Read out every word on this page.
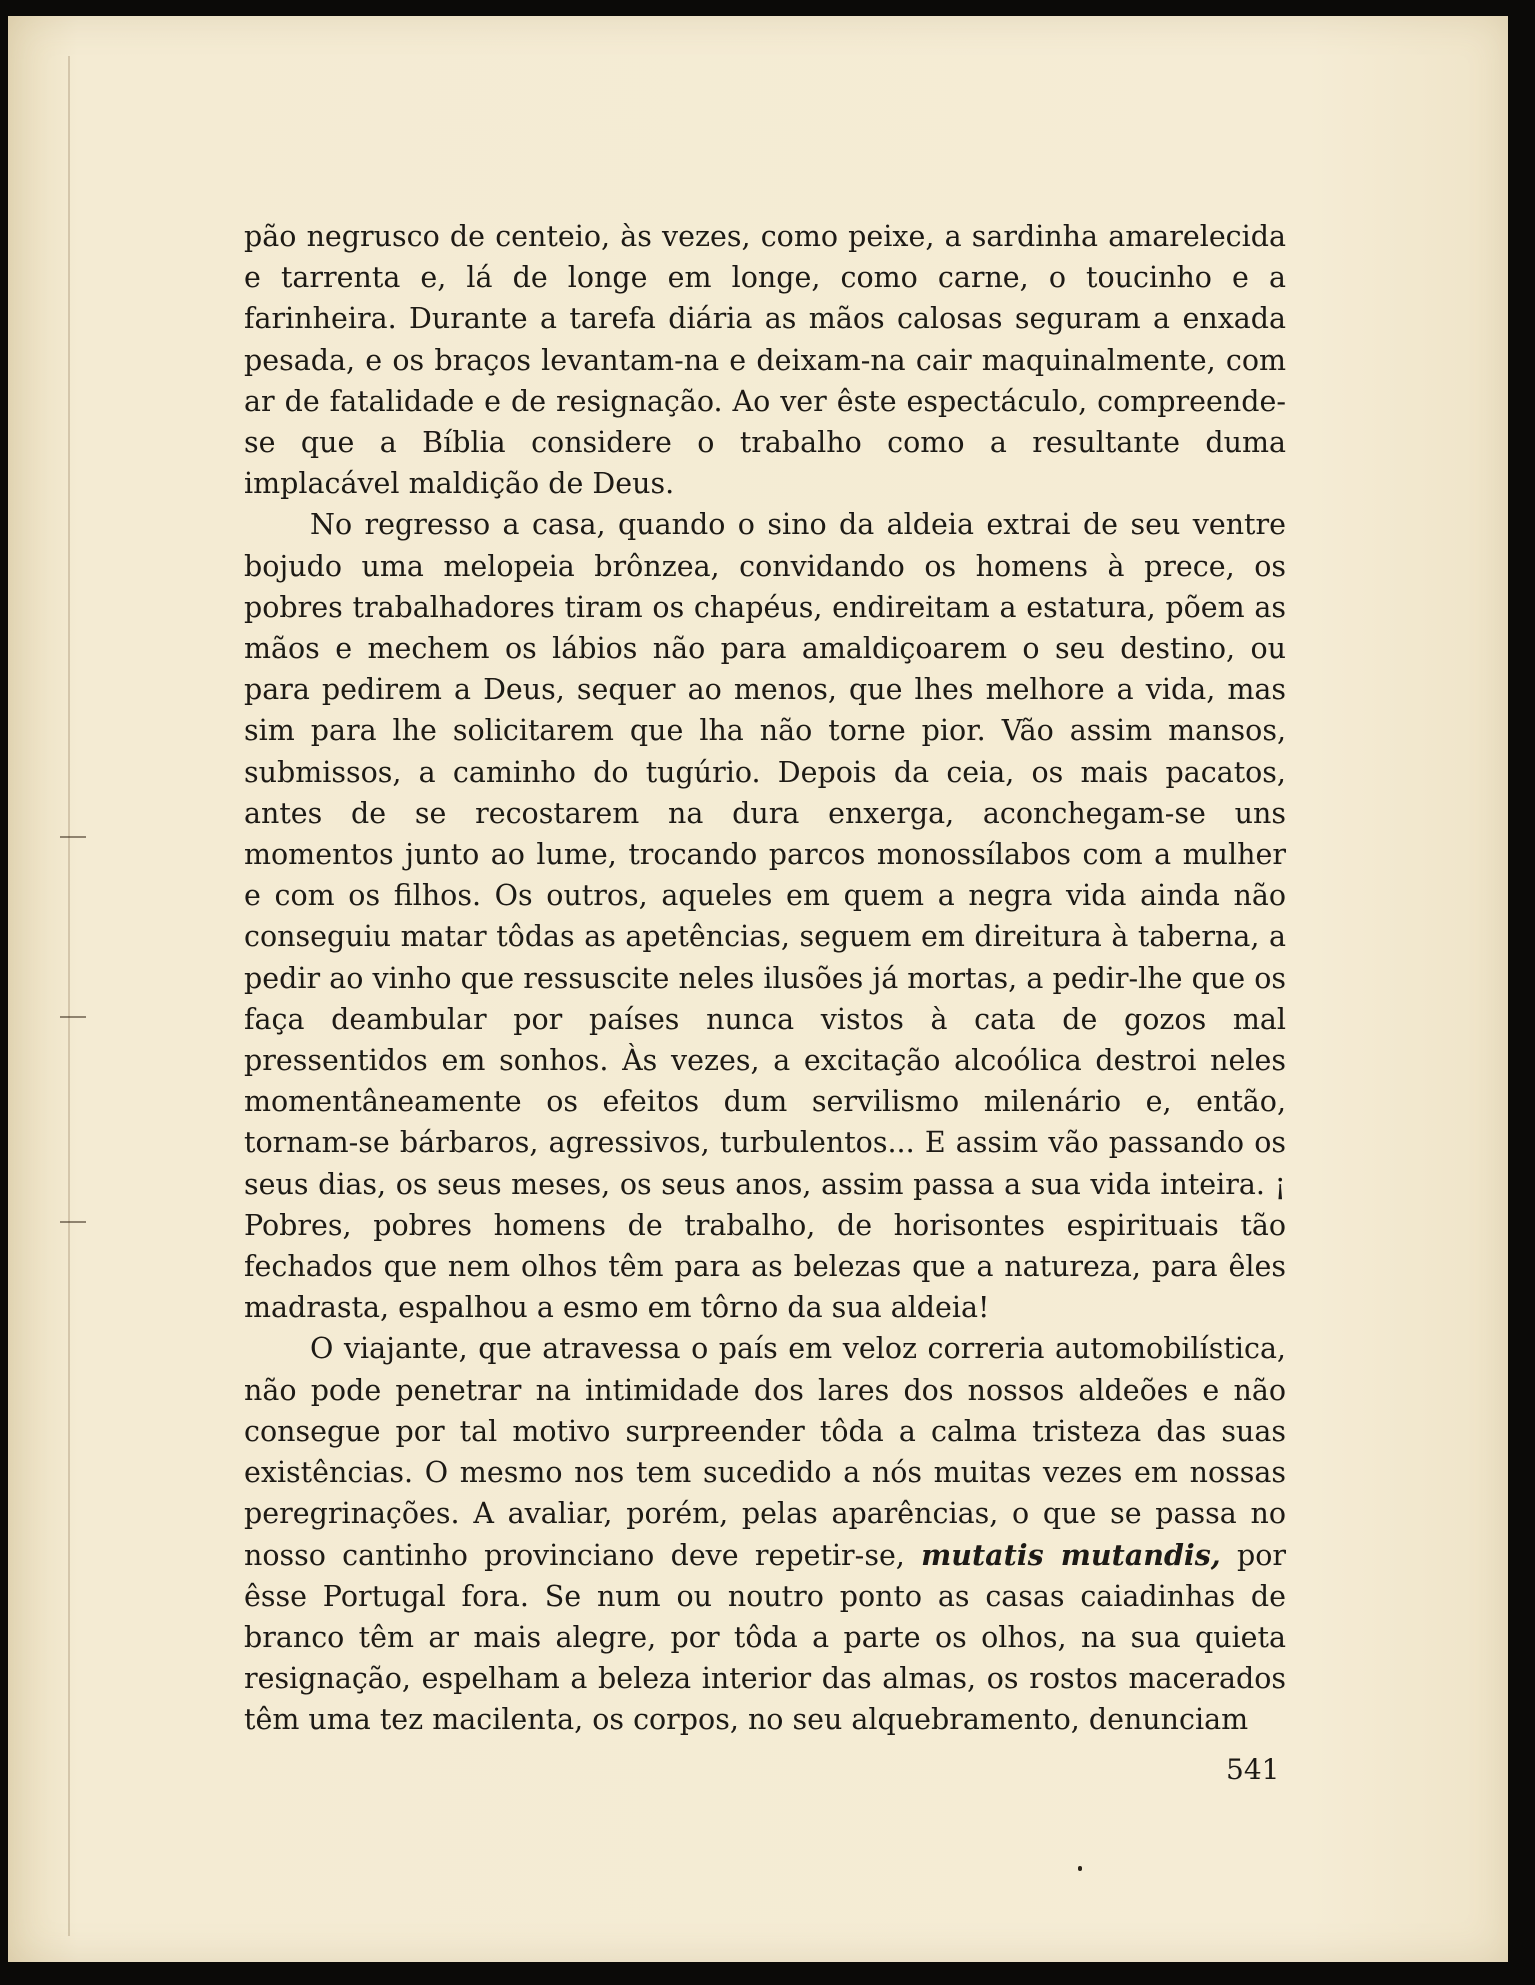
pão negrusco de centeio, às vezes, como peixe, a sardinha amarelecida e tarrenta e, lá de longe em longe, como carne, o toucinho e a farinheira. Durante a tarefa diária as mãos calosas seguram a enxada pesada, e os braços levantam-na e deixam-na cair maquinalmente, com ar de fatalidade e de resignação. Ao ver êste espectáculo, compreende-se que a Bíblia considere o trabalho como a resultante duma implacável maldição de Deus.

No regresso a casa, quando o sino da aldeia extrai de seu ventre bojudo uma melopeia brônzea, convidando os homens à prece, os pobres trabalhadores tiram os chapéus, endireitam a estatura, põem as mãos e mechem os lábios não para amaldiçoarem o seu destino, ou para pedirem a Deus, sequer ao menos, que lhes melhore a vida, mas sim para lhe solicitarem que lha não torne pior. Vão assim mansos, submissos, a caminho do tugúrio. Depois da ceia, os mais pacatos, antes de se recostarem na dura enxerga, aconchegam-se uns momentos junto ao lume, trocando parcos monossílabos com a mulher e com os filhos. Os outros, aqueles em quem a negra vida ainda não conseguiu matar tôdas as apetências, seguem em direitura à taberna, a pedir ao vinho que ressuscite neles ilusões já mortas, a pedir-lhe que os faça deambular por países nunca vistos à cata de gozos mal pressentidos em sonhos. Às vezes, a excitação alcoólica destroi neles momentâneamente os efeitos dum servilismo milenário e, então, tornam-se bárbaros, agressivos, turbulentos... E assim vão passando os seus dias, os seus meses, os seus anos, assim passa a sua vida inteira. ¡ Pobres, pobres homens de trabalho, de horisontes espirituais tão fechados que nem olhos têm para as belezas que a natureza, para êles madrasta, espalhou a esmo em tôrno da sua aldeia!

O viajante, que atravessa o país em veloz correria automobilística, não pode penetrar na intimidade dos lares dos nossos aldeões e não consegue por tal motivo surpreender tôda a calma tristeza das suas existências. O mesmo nos tem sucedido a nós muitas vezes em nossas peregrinações. A avaliar, porém, pelas aparências, o que se passa no nosso cantinho provinciano deve repetir-se, mutatis mutandis, por êsse Portugal fora. Se num ou noutro ponto as casas caiadinhas de branco têm ar mais alegre, por tôda a parte os olhos, na sua quieta resignação, espelham a beleza interior das almas, os rostos macerados têm uma tez macilenta, os corpos, no seu alquebramento, denunciam

541
